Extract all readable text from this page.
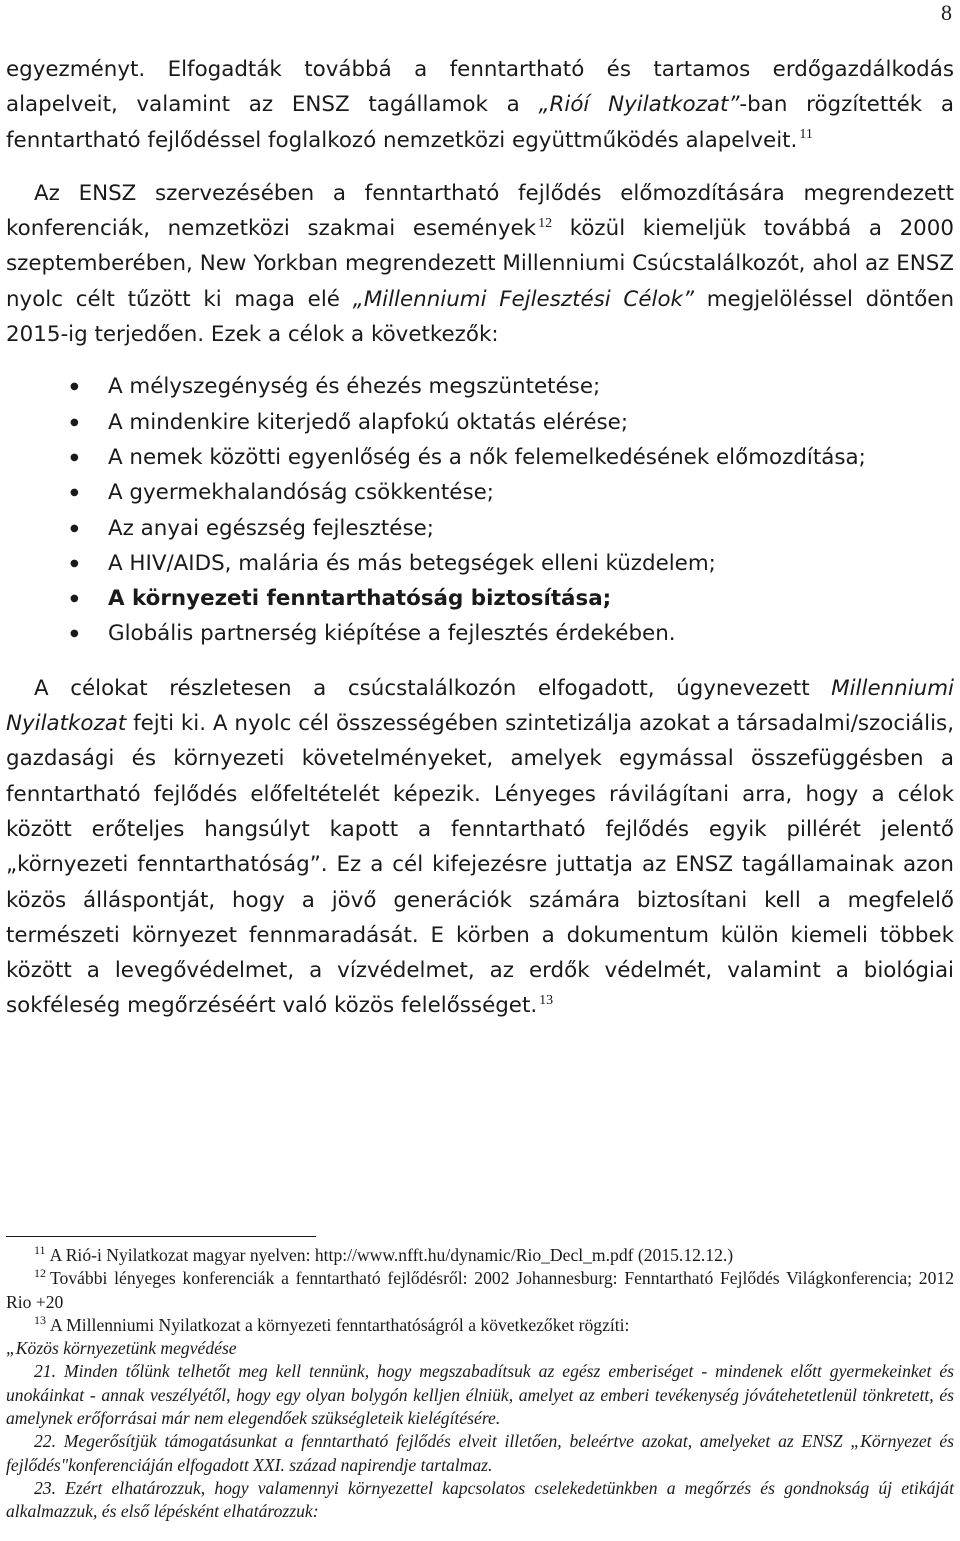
8

egyezményt. Elfogadták továbbá a fenntartható és tartamos erdőgazdálkodás alapelveit, valamint az ENSZ tagállamok a „Rióí Nyilatkozat”-ban rögzítették a fenntartható fejlődéssel foglalkozó nemzetközi együttműködés alapelveit. $^{11}$

Az ENSZ szervezésében a fenntartható fejlődés előmozdítására megrendezett konferenciák, nemzetközi szakmai események $^{12}$ közül kiemeljük továbbá a 2000 szeptemberében, New Yorkban megrendezett Millenniumi Csúcstalálkozót, ahol az ENSZ nyolc célt tűzött ki maga elé „Millenniumi Fejlesztési Célok” megjelöléssel döntően 2015-ig terjedően. Ezek a célok a következők:

● A mélyszegénység és éhezés megszüntetése;
● A mindenkire kiterjedő alapfokú oktatás elérése;
● A nemek közötti egyenlőség és a nők felemelkedésének előmozdítása;
● A gyermekhalandóság csökkentése;
● Az anyai egészség fejlesztése;
● A HIV/AIDS, malária és más betegségek elleni küzdelem;
● A környezeti fenntarthatóság biztosítása;
● Globális partnerség kiépítése a fejlesztés érdekében.

A célokat részletesen a csúcstalálkozón elfogadott, úgynevezett Millenniumi Nyilatkozat fejti ki. A nyolc cél összességében szintetizálja azokat a társadalmi/szociális, gazdasági és környezeti követelményeket, amelyek egymással összefüggésben a fenntartható fejlődés előfeltételét képezik. Lényeges rávilágítani arra, hogy a célok között erőteljes hangsúlyt kapott a fenntartható fejlődés egyik pillérét jelentő „környezeti fenntarthatóság”. Ez a cél kifejezésre juttatja az ENSZ tagállamainak azon közös álláspontját, hogy a jövő generációk számára biztosítani kell a megfelelő természeti környezet fennmaradását. E körben a dokumentum külön kiemeli többek között a levegővédelmet, a vízvédelmet, az erdők védelmét, valamint a biológiai sokféleség megőrzéséért való közös felelősséget. $^{13}$

$^{11}$ A Rió-i Nyilatkozat magyar nyelven: http://www.nfft.hu/dynamic/Rio_Decl_m.pdf (2015.12.12.)

$^{12}$ További lényeges konferenciák a fenntartható fejlődésről: 2002 Johannesburg: Fenntartható Fejlődés Világkonferencia; 2012 Rio +20

$^{13}$ A Millenniumi Nyilatkozat a környezeti fenntarthatóságról a következőket rögzíti:

„Közös környezetünk megvédése

21. Minden tőlünk telhetőt meg kell tennünk, hogy megszabadítsuk az egész emberiséget - mindenek előtt gyermekeinket és unokáinkat - annak veszélyétől, hogy egy olyan bolygón kelljen élniük, amelyet az emberi tevékenység jóvátehetetlenül tönkretett, és amelynek erőforrásai már nem elegendőek szükségleteik kielégítésére.

22. Megerősítjük támogatásunkat a fenntartható fejlődés elveit illetően, beleértve azokat, amelyeket az ENSZ „Környezet és fejlődés"konferenciáján elfogadott XXI. század napirendje tartalmaz.

23. Ezért elhatározzuk, hogy valamennyi környezettel kapcsolatos cselekedetünkben a megőrzés és gondnokság új etikáját alkalmazzuk, és első lépésként elhatározzuk:
